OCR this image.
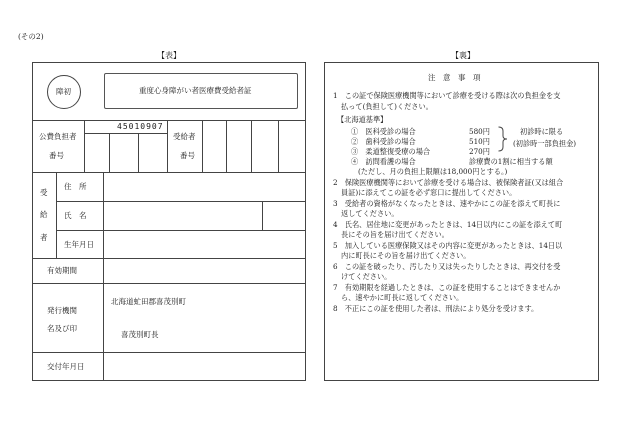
(その2)
【表】	【裏】
障初	重度心身障がい者医療費受給者証
公費負担者
番号
45010907
受給者
番号
受
給
者
住　所
氏　名
生年月日
有効期間
発行機関
名及び印
北海道虻田郡喜茂別町
喜茂別町長
交付年月日
注　意　事　項
1　この証で保険医療機関等において診療を受ける際は次の負担金を支
払って(負担して)ください。
【北海道基準】
①　医科受診の場合
②　歯科受診の場合
③　柔道整復受療の場合
④　訪問看護の場合
(ただし、月の負担上限額は18,000円とする。)
2　保険医療機関等において診療を受ける場合は、被保険者証(又は組合
員証)に添えてこの証を必ず窓口に提出してください。
3　受給者の資格がなくなったときは、速やかにこの証を添えて町長に
返してください。
4　氏名、居住地に変更があったときは、14日以内にこの証を添えて町
長にその旨を届け出てください。
5　加入している医療保険又はその内容に変更があったときは、14日以
内に町長にその旨を届け出てください。
6　この証を破ったり、汚したり又は失ったりしたときは、再交付を受
けてください。
7　有効期限を経過したときは、この証を使用することはできませんか
ら、速やかに町長に返してください。
8　不正にこの証を使用した者は、刑法により処分を受けます。
580円
510円
270円
診療費の1割に相当する額
初診時に限る
(初診時一部負担金)
